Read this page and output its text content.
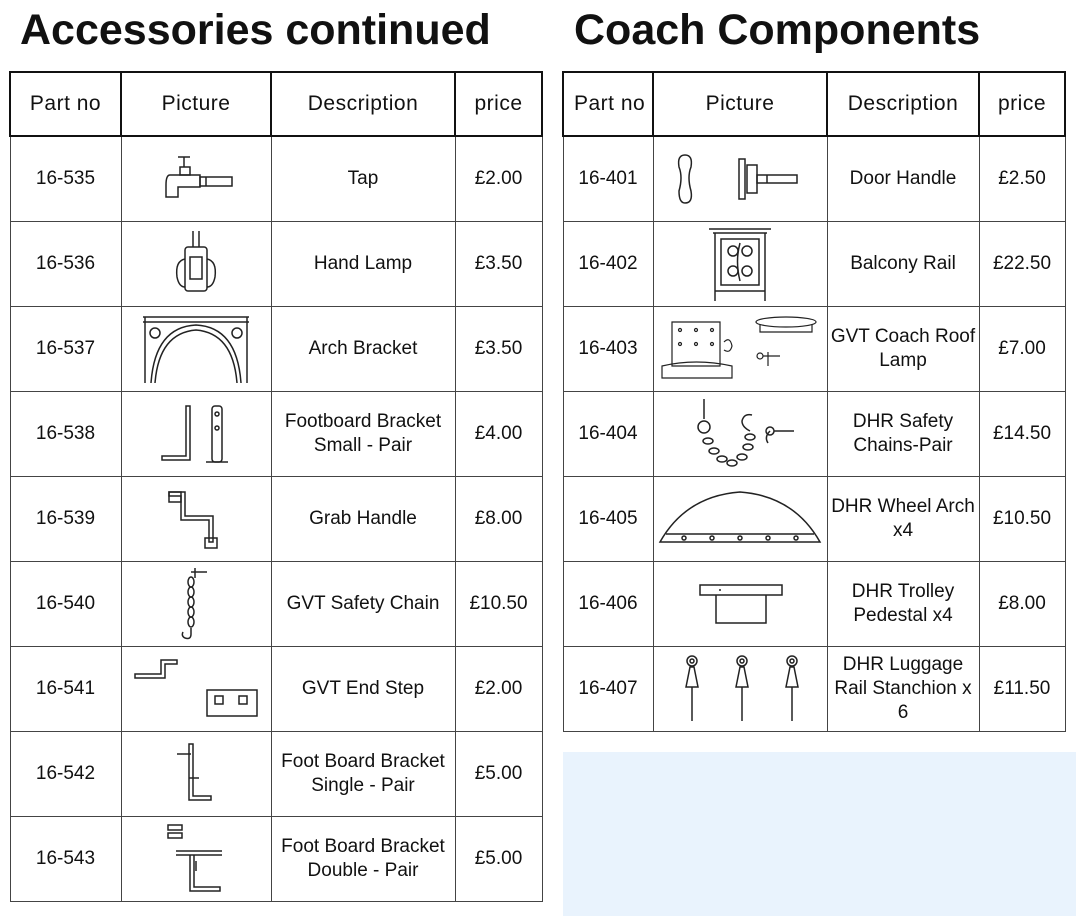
Accessories continued Coach Components
Part no	Picture	Description	price
16-535		Tap	£2.00
16-536		Hand Lamp	£3.50
16-537		Arch Bracket	£3.50
16-538		Footboard Bracket Small - Pair	£4.00
16-539		Grab Handle	£8.00
16-540		GVT Safety Chain	£10.50
16-541		GVT End Step	£2.00
16-542		Foot Board Bracket Single - Pair	£5.00
16-543		Foot Board Bracket Double - Pair	£5.00
Part no	Picture	Description	price
16-401		Door Handle	£2.50
16-402		Balcony Rail	£22.50
16-403		GVT Coach Roof Lamp	£7.00
16-404		DHR Safety Chains-Pair	£14.50
16-405		DHR Wheel Arch x4	£10.50
16-406		DHR Trolley Pedestal x4	£8.00
16-407		DHR Luggage Rail Stanchion x 6	£11.50
